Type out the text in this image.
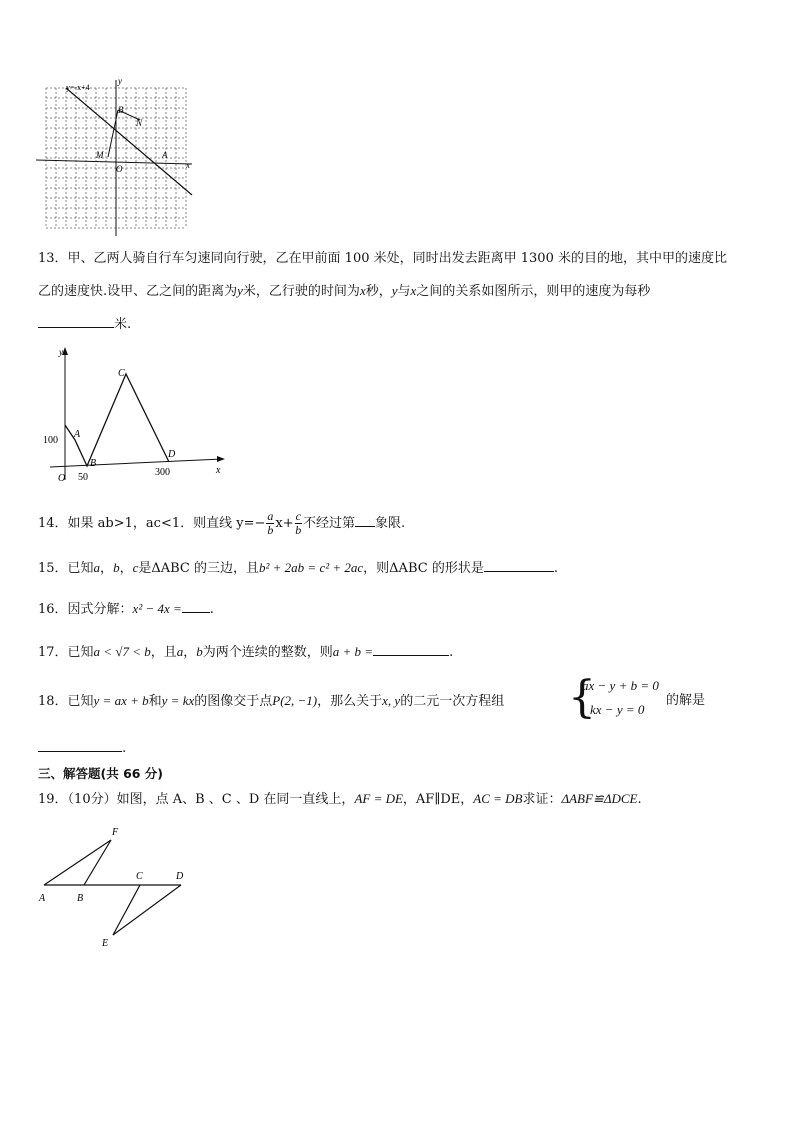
y=-x+4
y
x
O
B
N
M	A
13．甲、乙两人骑自行车匀速同向行驶，乙在甲前面 100 米处，同时出发去距离甲 1300 米的目的地，其中甲的速度比
乙的速度快.设甲、乙之间的距离为y米，乙行驶的时间为x秒，y与x之间的关系如图所示，则甲的速度为每秒
米.
y
x
O
100
A
B
C
D
50	300
14．如果 ab>1，ac<1．则直线 $y=- \frac{a}{b} x+ \frac{c}{b}$ 不经过第 象限.
15．已知a，b，c是ΔABC 的三边，且b² + 2ab = c² + 2ac，则ΔABC 的形状是	.
16．因式分解：x² − 4x = .
17．已知a < √7 < b，且a，b为两个连续的整数，则a + b =	.
18．已知y = ax + b和y = kx的图像交于点P(2, −1)，那么关于x, y的二元一次方程组 {
ax − y + b = 0
kx − y = 0
的解是
.
三、解答题(共 66 分)
19．（10分）如图，点 A、B 、C 、D 在同一直线上，AF = DE，AF∥DE，AC = DB求证：ΔABF≌ΔDCE.
F
A	B
C	D
E
